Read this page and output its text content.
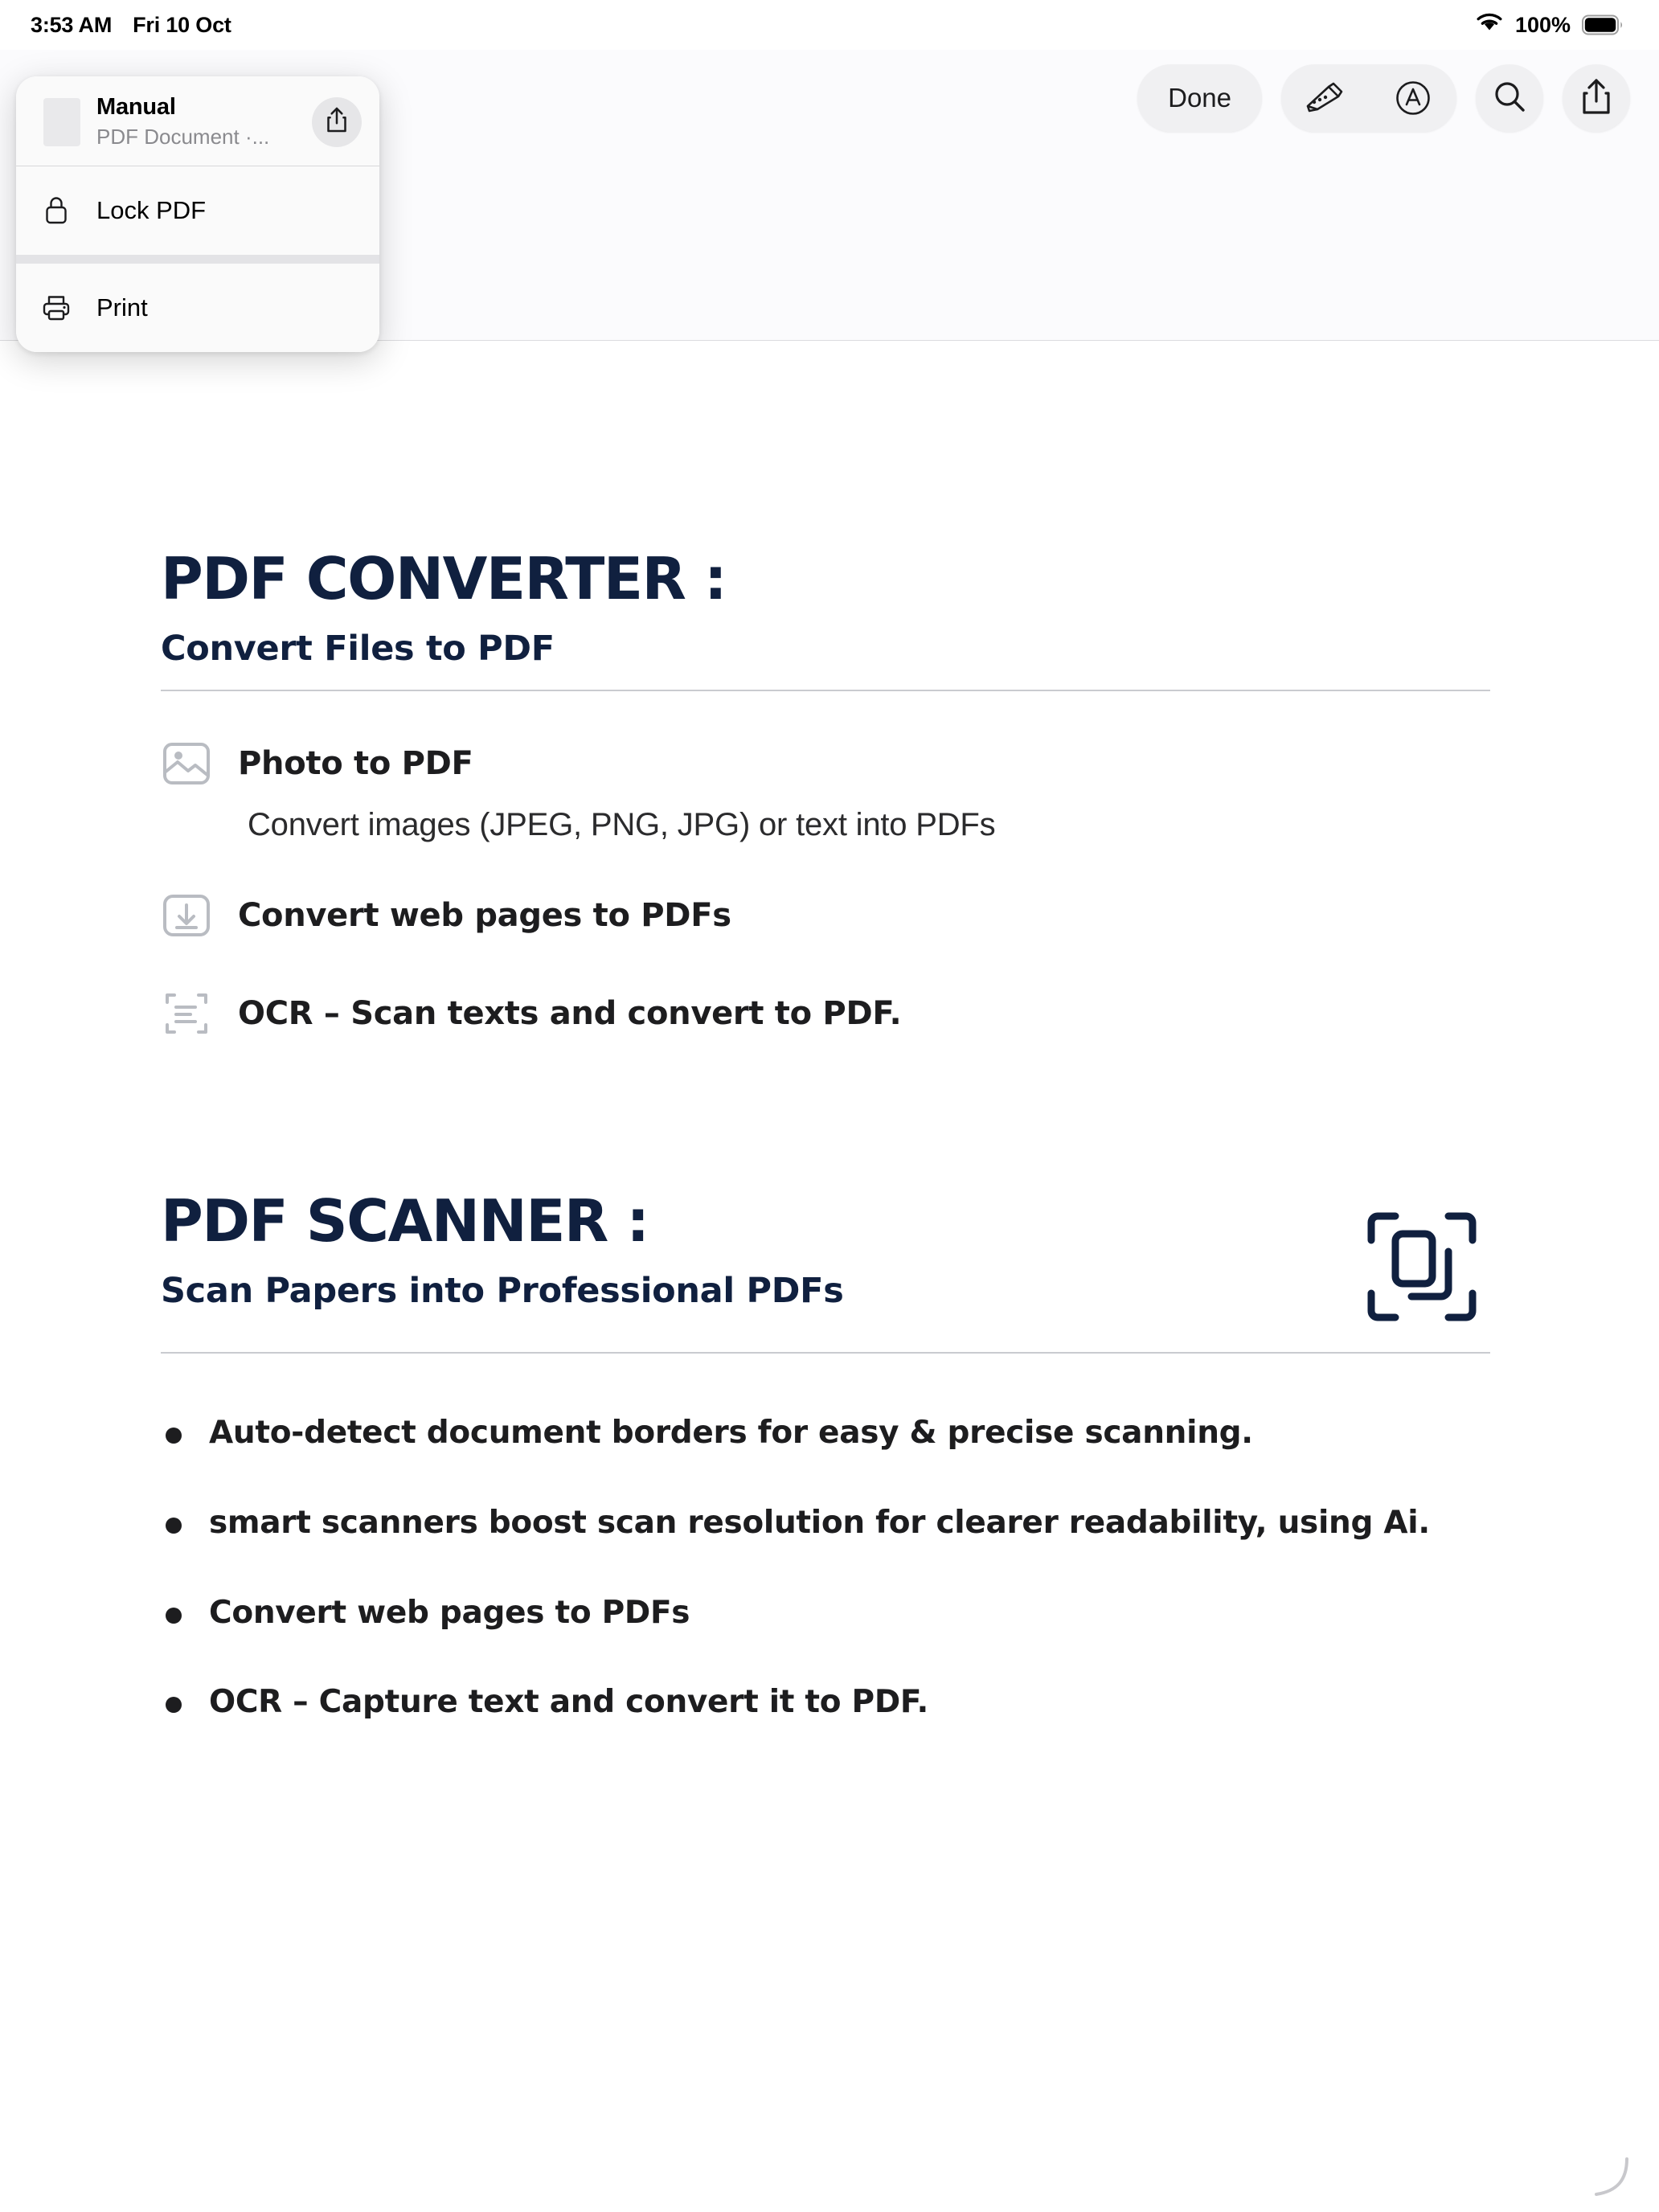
3:53 AM Fri 10 Oct	100%
Done
Manual
PDF Document ·...
Lock PDF
Print
PDF CONVERTER :
Convert Files to PDF
Photo to PDF
Convert images (JPEG, PNG, JPG) or text into PDFs
Convert web pages to PDFs
OCR – Scan texts and convert to PDF.
PDF SCANNER :
Scan Papers into Professional PDFs
Auto-detect document borders for easy & precise scanning.
smart scanners boost scan resolution for clearer readability, using Ai.
Convert web pages to PDFs
OCR – Capture text and convert it to PDF.
